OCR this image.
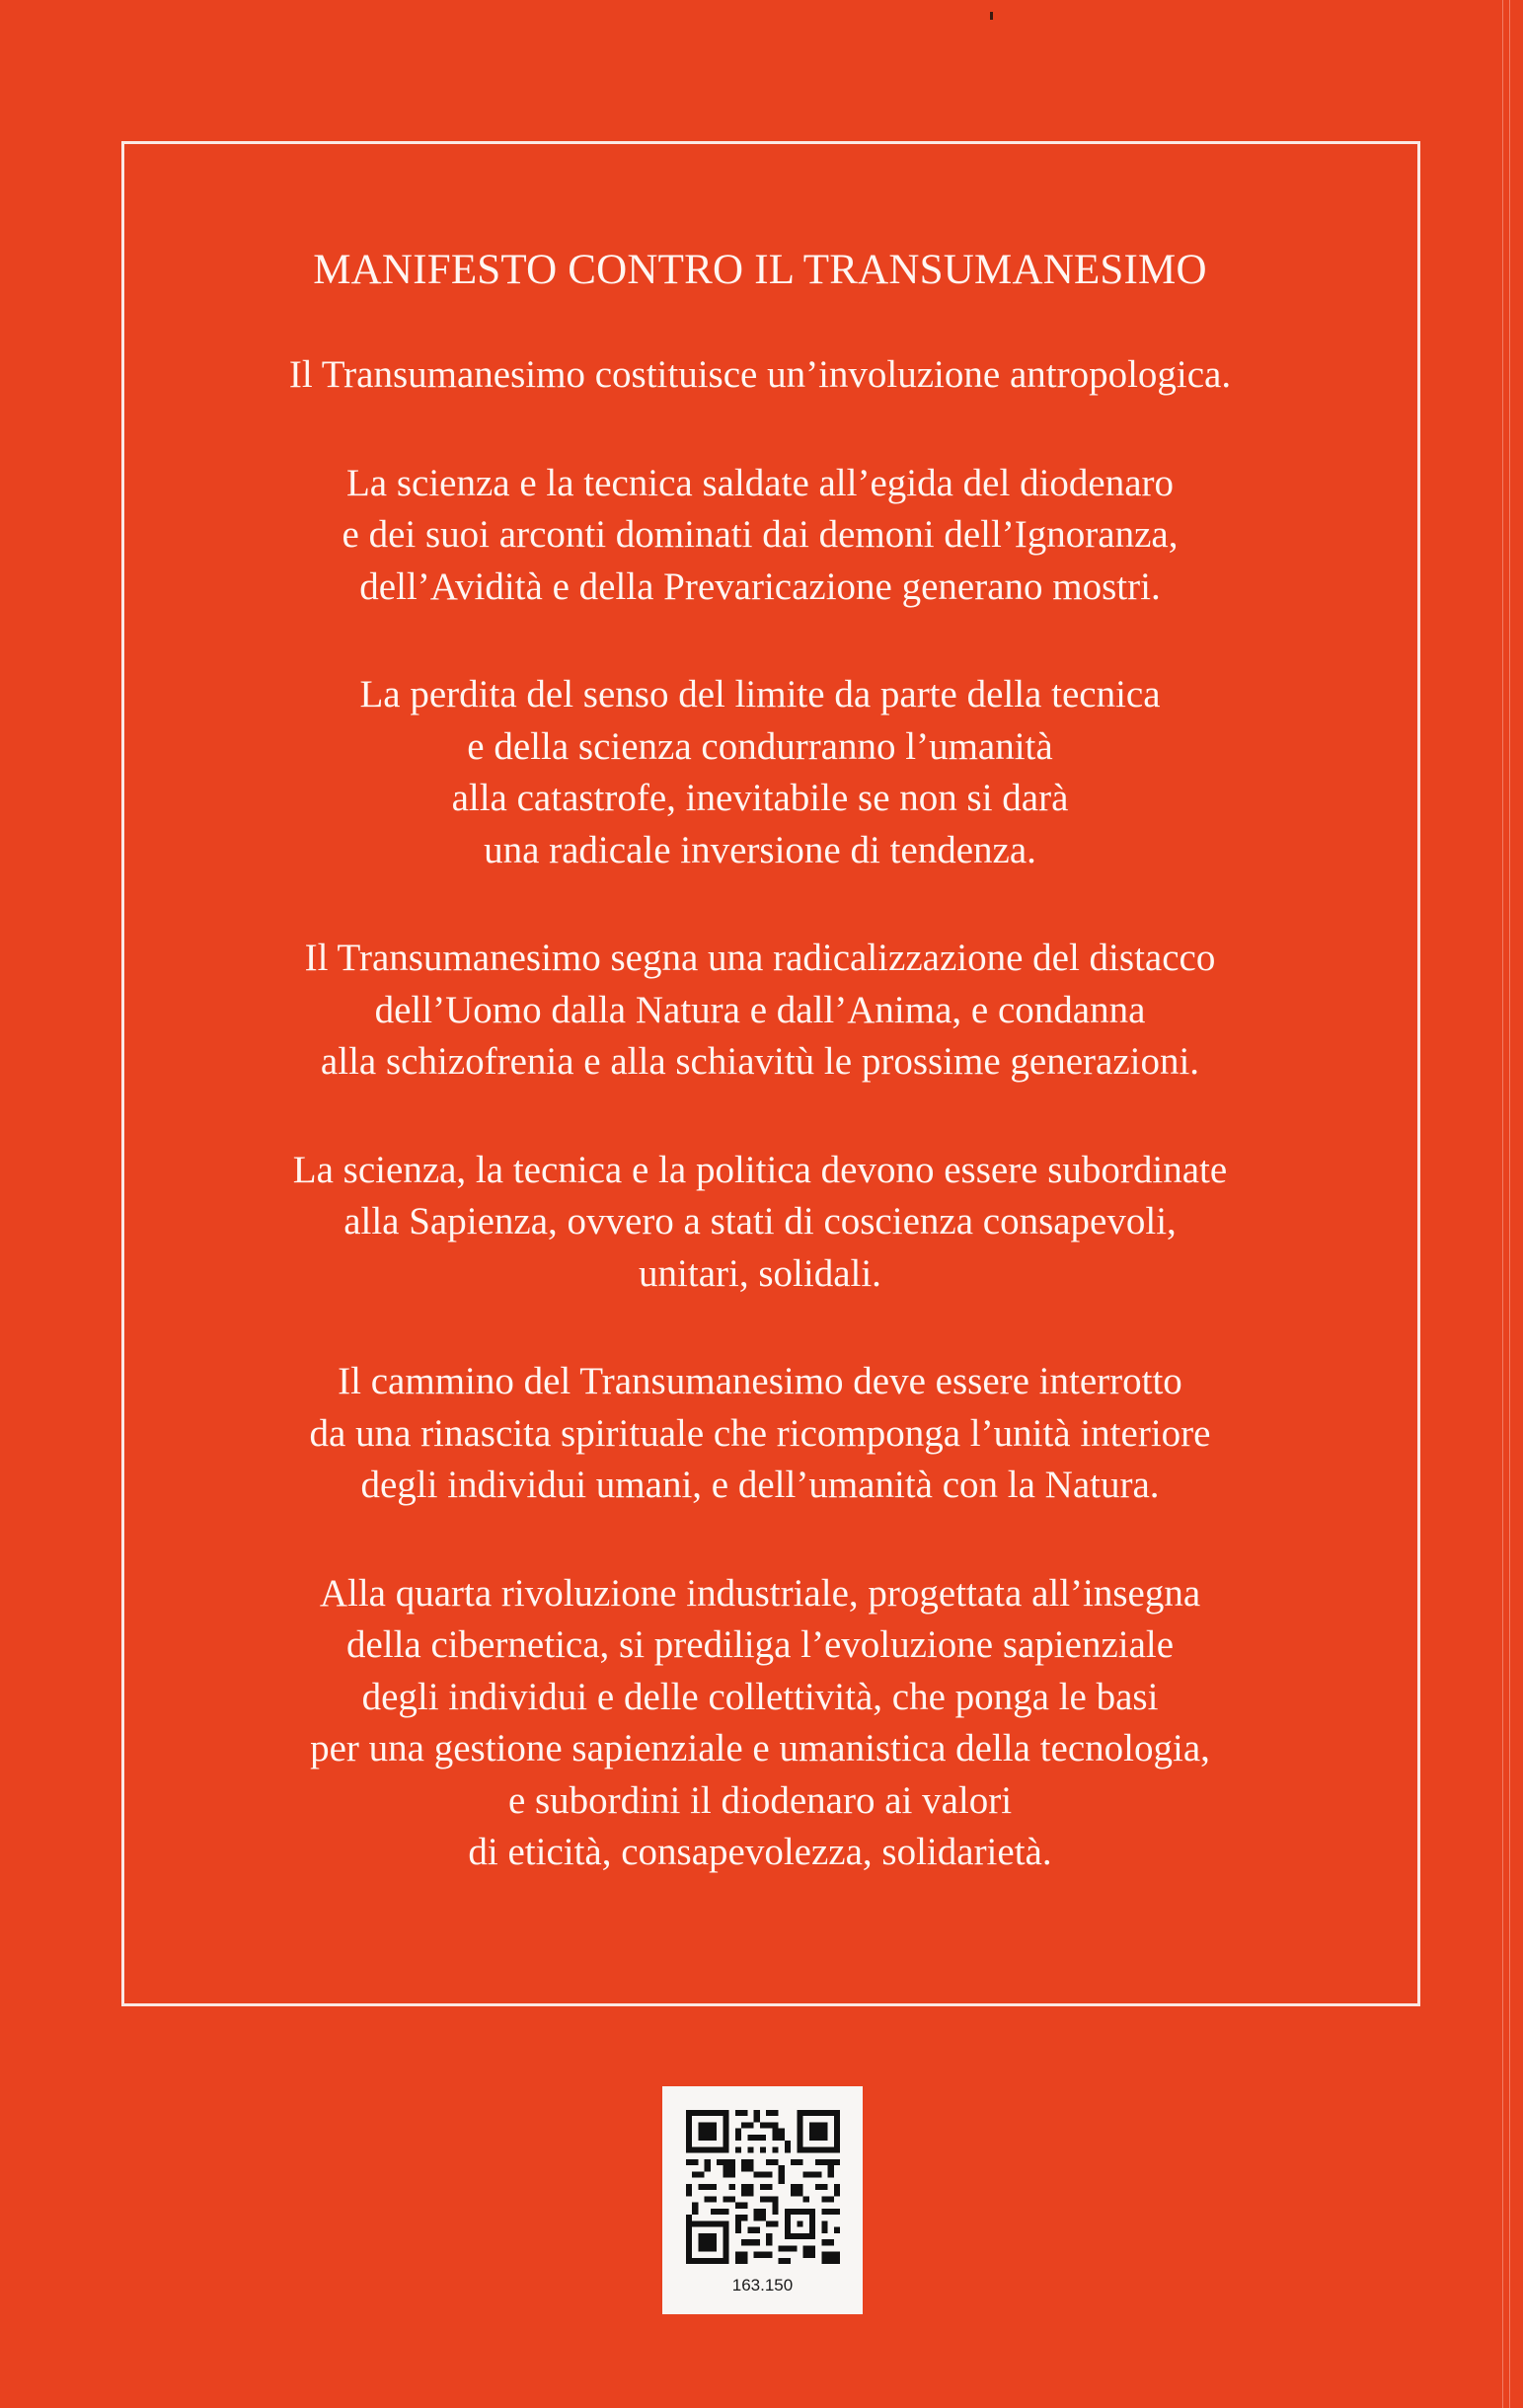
MANIFESTO CONTRO IL TRANSUMANESIMO

Il Transumanesimo costituisce un’involuzione antropologica.

La scienza e la tecnica saldate all’egida del diodenaro
e dei suoi arconti dominati dai demoni dell’Ignoranza,
dell’Avidità e della Prevaricazione generano mostri.

La perdita del senso del limite da parte della tecnica
e della scienza condurranno l’umanità
alla catastrofe, inevitabile se non si darà
una radicale inversione di tendenza.

Il Transumanesimo segna una radicalizzazione del distacco
dell’Uomo dalla Natura e dall’Anima, e condanna
alla schizofrenia e alla schiavitù le prossime generazioni.

La scienza, la tecnica e la politica devono essere subordinate
alla Sapienza, ovvero a stati di coscienza consapevoli,
unitari, solidali.

Il cammino del Transumanesimo deve essere interrotto
da una rinascita spirituale che ricomponga l’unità interiore
degli individui umani, e dell’umanità con la Natura.

Alla quarta rivoluzione industriale, progettata all’insegna
della cibernetica, si prediliga l’evoluzione sapienziale
degli individui e delle collettività, che ponga le basi
per una gestione sapienziale e umanistica della tecnologia,
e subordini il diodenaro ai valori
di eticità, consapevolezza, solidarietà.

163.150
